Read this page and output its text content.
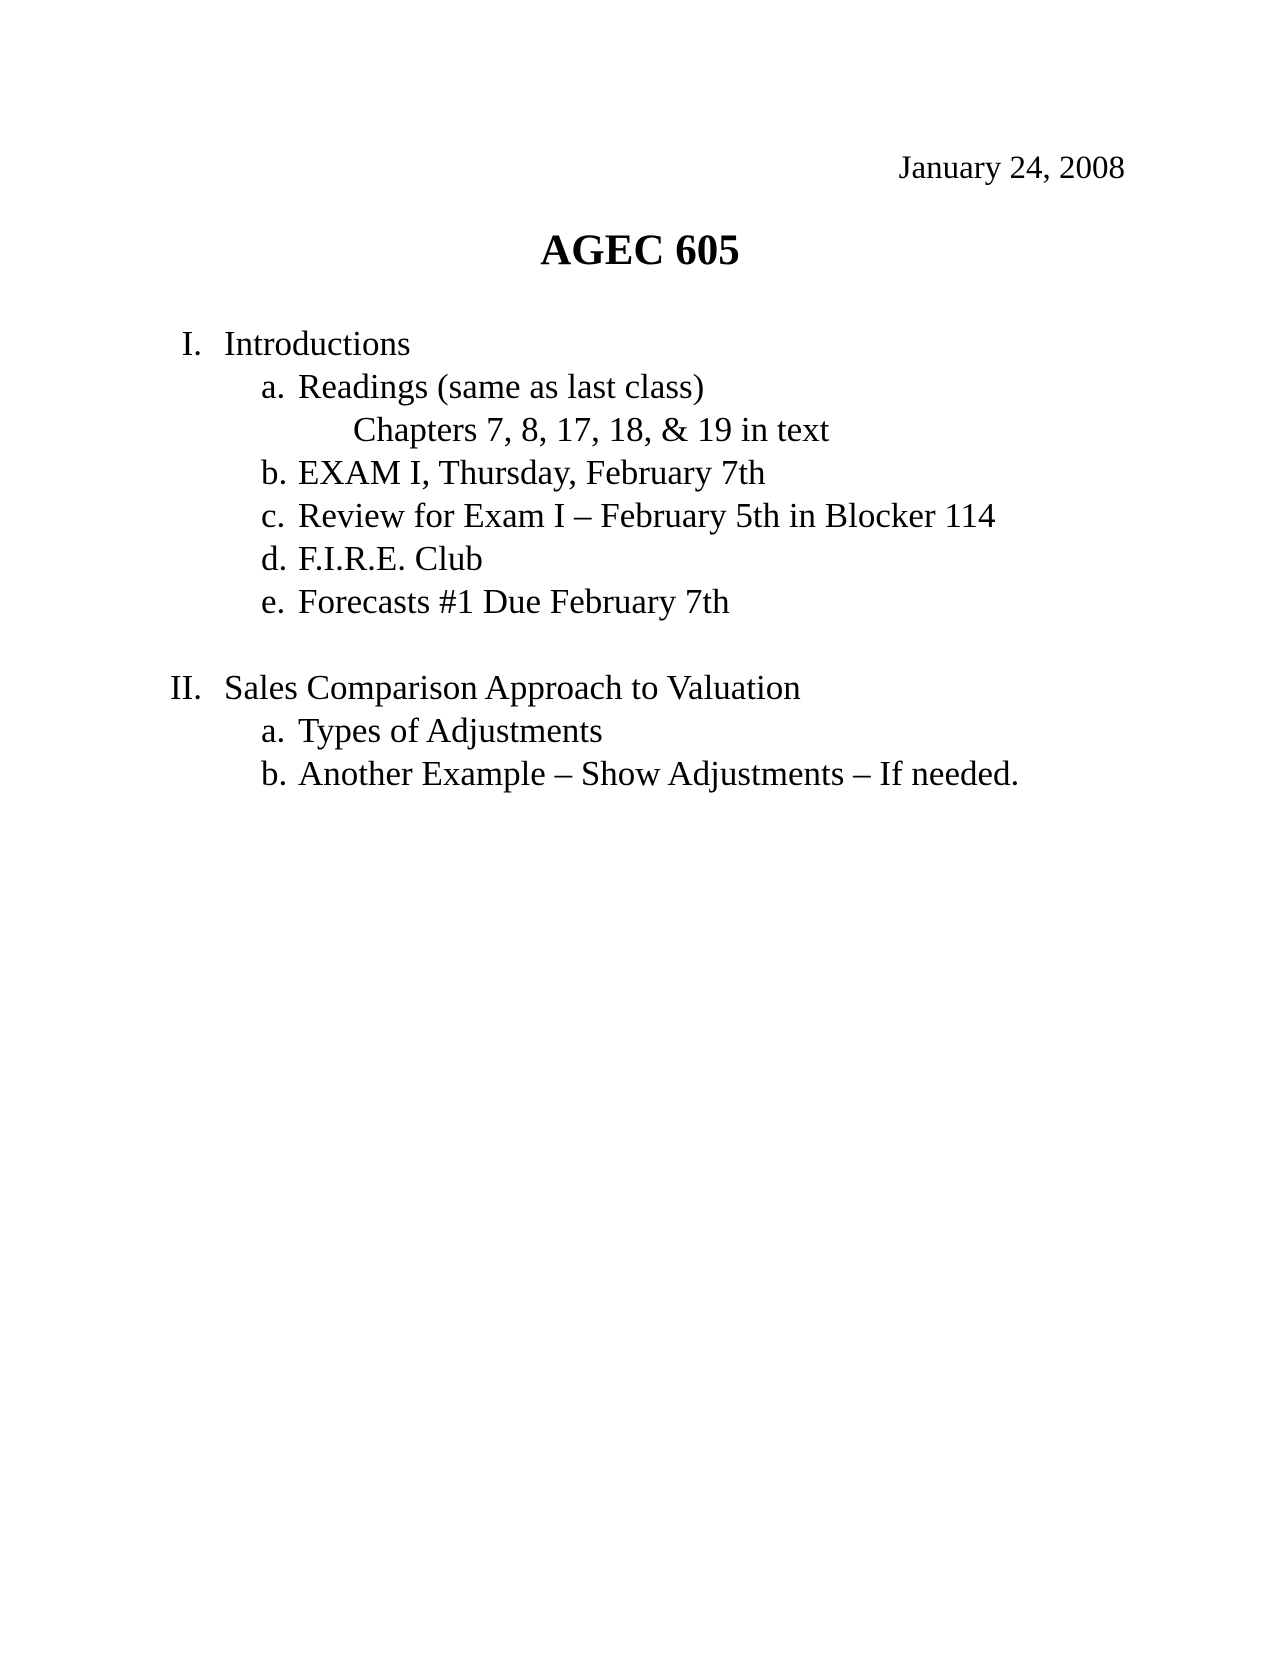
January 24, 2008
AGEC 605
I. Introductions
a. Readings (same as last class)
Chapters 7, 8, 17, 18, & 19 in text
b. EXAM I, Thursday, February 7th
c. Review for Exam I – February 5th in Blocker 114
d. F.I.R.E. Club
e. Forecasts #1 Due February 7th
II. Sales Comparison Approach to Valuation
a. Types of Adjustments
b. Another Example – Show Adjustments – If needed.
